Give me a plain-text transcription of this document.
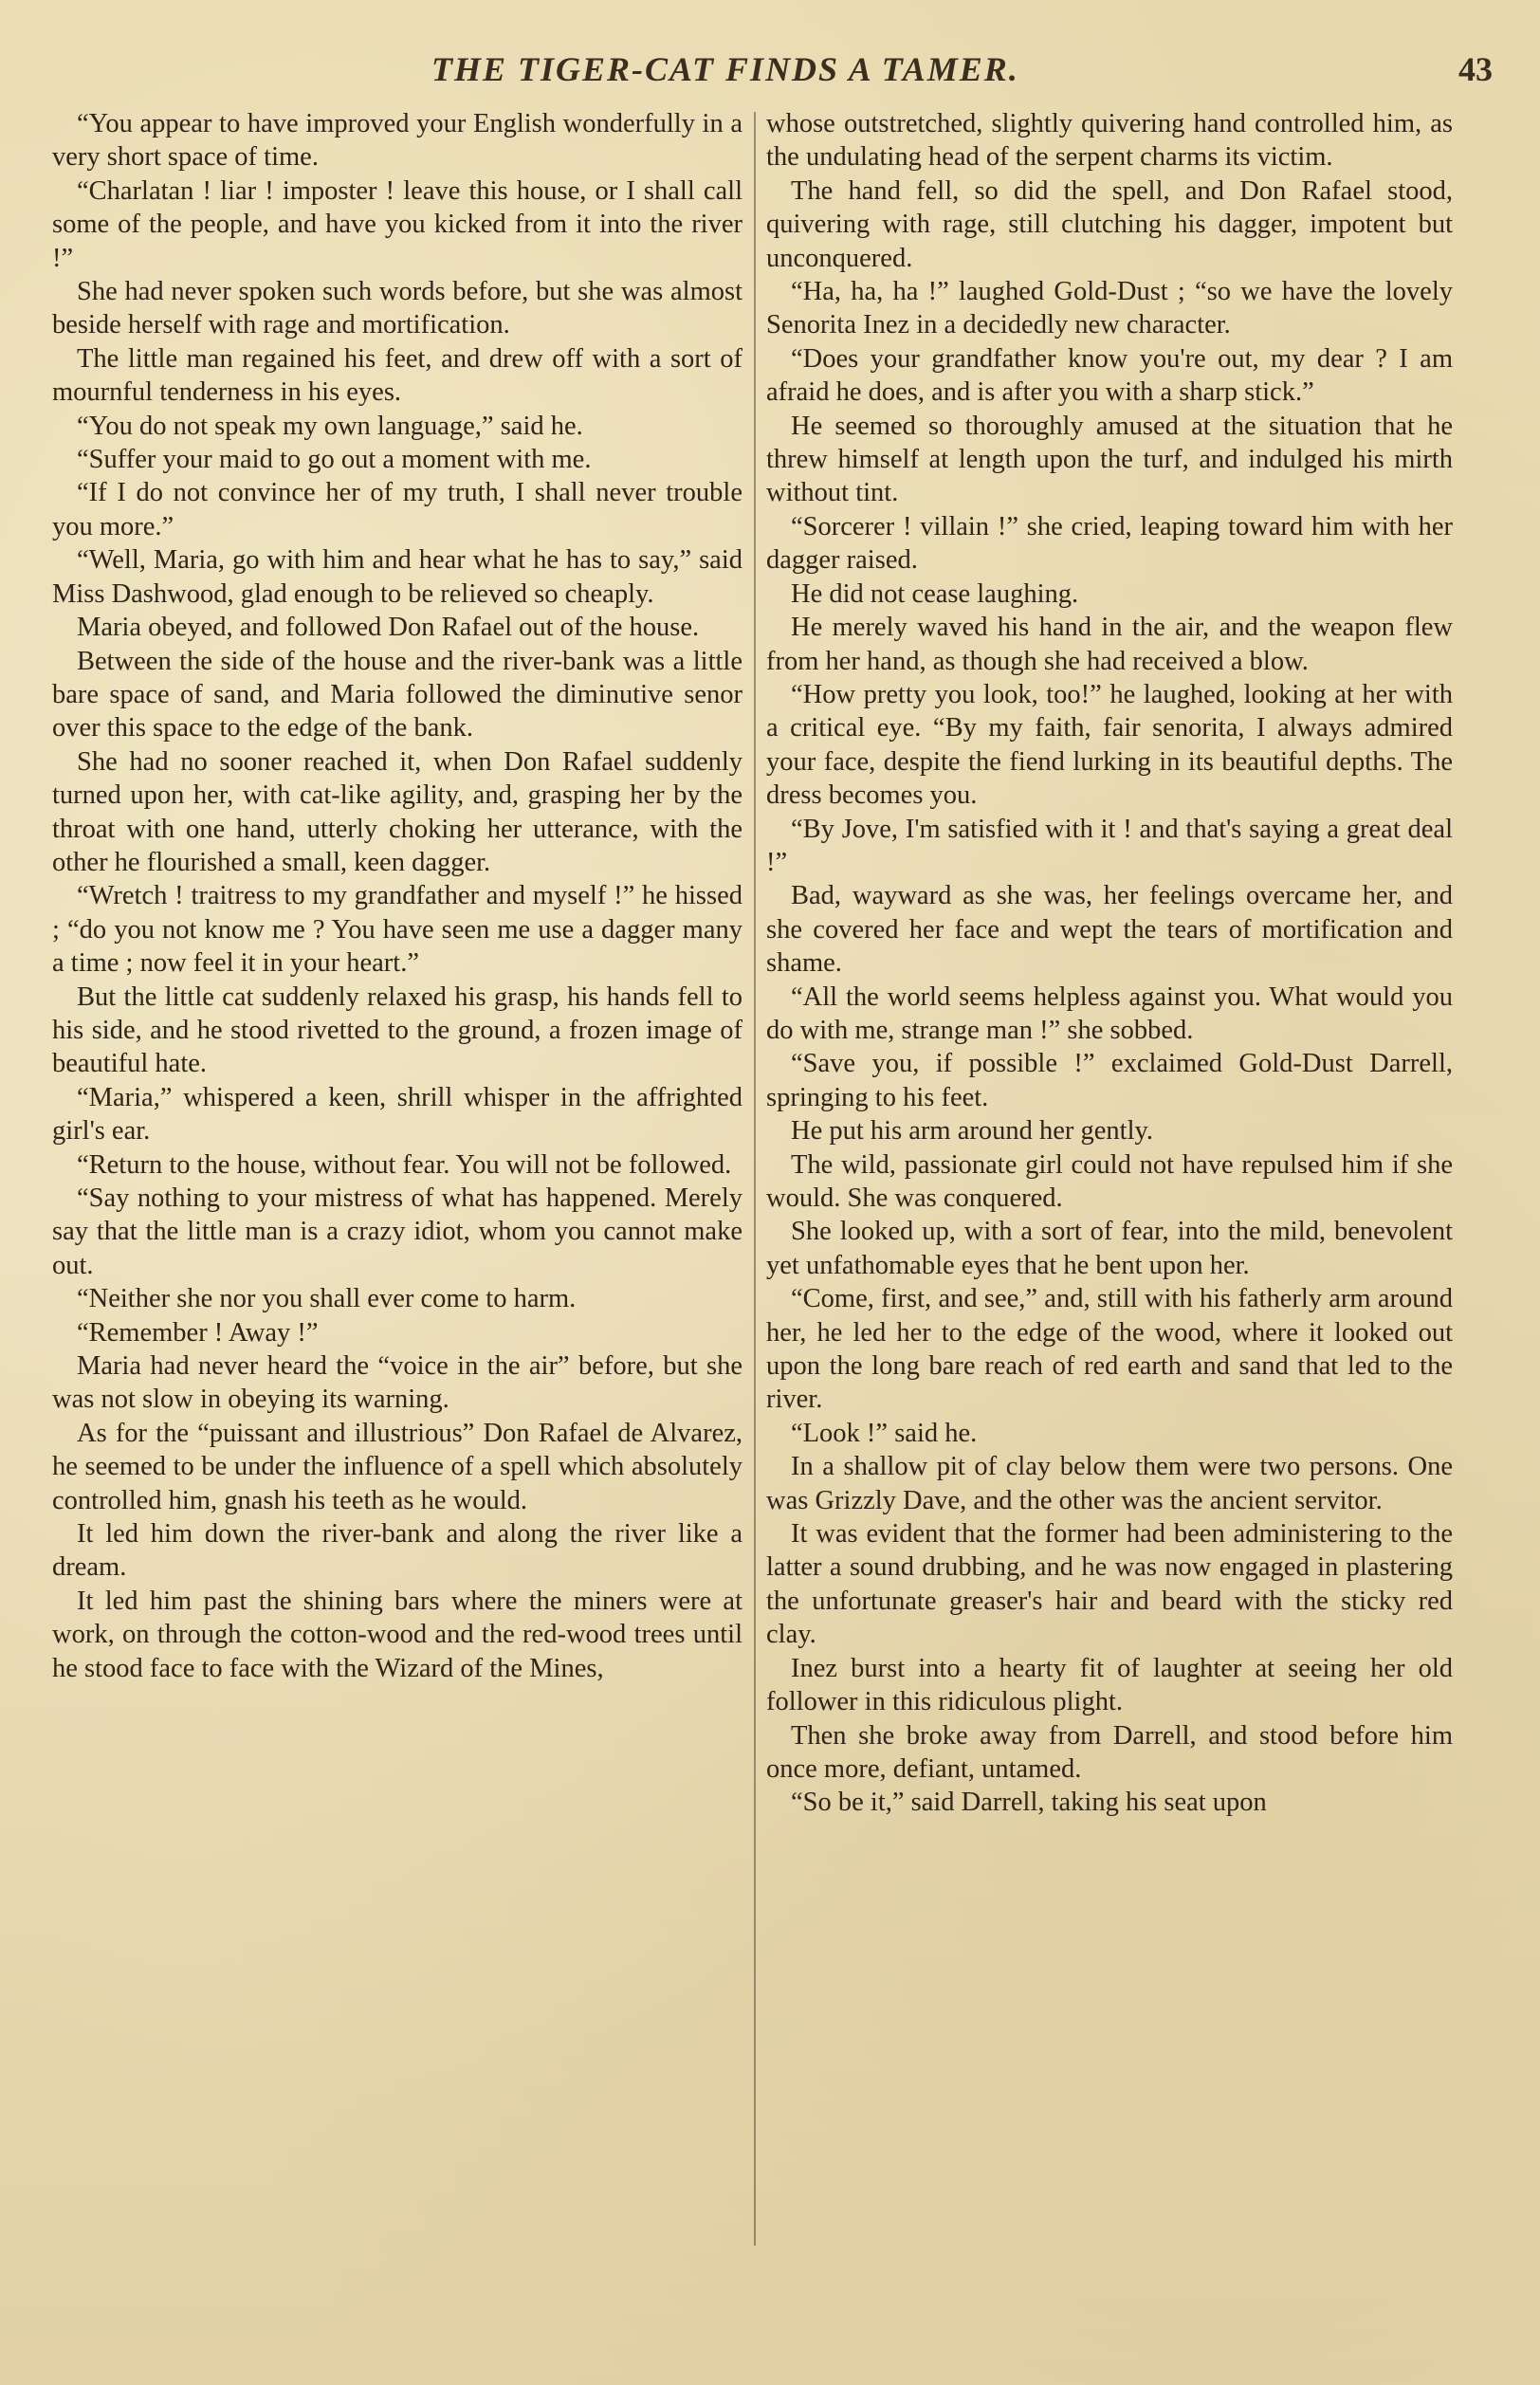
THE TIGER-CAT FINDS A TAMER.	43

“You appear to have improved your English wonderfully in a very short space of time.

“Charlatan ! liar ! imposter ! leave this house, or I shall call some of the people, and have you kicked from it into the river !”

She had never spoken such words before, but she was almost beside herself with rage and mortification.

The little man regained his feet, and drew off with a sort of mournful tenderness in his eyes.

“You do not speak my own language,” said he.

“Suffer your maid to go out a moment with me.

“If I do not convince her of my truth, I shall never trouble you more.”

“Well, Maria, go with him and hear what he has to say,” said Miss Dashwood, glad enough to be relieved so cheaply.

Maria obeyed, and followed Don Rafael out of the house.

Between the side of the house and the river-bank was a little bare space of sand, and Maria followed the diminutive senor over this space to the edge of the bank.

She had no sooner reached it, when Don Rafael suddenly turned upon her, with cat-like agility, and, grasping her by the throat with one hand, utterly choking her utterance, with the other he flourished a small, keen dagger.

“Wretch ! traitress to my grandfather and myself !” he hissed ; “do you not know me ? You have seen me use a dagger many a time ; now feel it in your heart.”

But the little cat suddenly relaxed his grasp, his hands fell to his side, and he stood rivetted to the ground, a frozen image of beautiful hate.

“Maria,” whispered a keen, shrill whisper in the affrighted girl's ear.

“Return to the house, without fear. You will not be followed.

“Say nothing to your mistress of what has happened. Merely say that the little man is a crazy idiot, whom you cannot make out.

“Neither she nor you shall ever come to harm.

“Remember ! Away !”

Maria had never heard the “voice in the air” before, but she was not slow in obeying its warning.

As for the “puissant and illustrious” Don Rafael de Alvarez, he seemed to be under the influence of a spell which absolutely controlled him, gnash his teeth as he would.

It led him down the river-bank and along the river like a dream.

It led him past the shining bars where the miners were at work, on through the cotton-wood and the red-wood trees until he stood face to face with the Wizard of the Mines,

whose outstretched, slightly quivering hand controlled him, as the undulating head of the serpent charms its victim.

The hand fell, so did the spell, and Don Rafael stood, quivering with rage, still clutching his dagger, impotent but unconquered.

“Ha, ha, ha !” laughed Gold-Dust ; “so we have the lovely Senorita Inez in a decidedly new character.

“Does your grandfather know you're out, my dear ? I am afraid he does, and is after you with a sharp stick.”

He seemed so thoroughly amused at the situation that he threw himself at length upon the turf, and indulged his mirth without tint.

“Sorcerer ! villain !” she cried, leaping toward him with her dagger raised.

He did not cease laughing.

He merely waved his hand in the air, and the weapon flew from her hand, as though she had received a blow.

“How pretty you look, too!” he laughed, looking at her with a critical eye. “By my faith, fair senorita, I always admired your face, despite the fiend lurking in its beautiful depths. The dress becomes you.

“By Jove, I'm satisfied with it ! and that's saying a great deal !”

Bad, wayward as she was, her feelings overcame her, and she covered her face and wept the tears of mortification and shame.

“All the world seems helpless against you. What would you do with me, strange man !” she sobbed.

“Save you, if possible !” exclaimed Gold-Dust Darrell, springing to his feet.

He put his arm around her gently.

The wild, passionate girl could not have repulsed him if she would. She was conquered.

She looked up, with a sort of fear, into the mild, benevolent yet unfathomable eyes that he bent upon her.

“Come, first, and see,” and, still with his fatherly arm around her, he led her to the edge of the wood, where it looked out upon the long bare reach of red earth and sand that led to the river.

“Look !” said he.

In a shallow pit of clay below them were two persons. One was Grizzly Dave, and the other was the ancient servitor.

It was evident that the former had been administering to the latter a sound drubbing, and he was now engaged in plastering the unfortunate greaser's hair and beard with the sticky red clay.

Inez burst into a hearty fit of laughter at seeing her old follower in this ridiculous plight.

Then she broke away from Darrell, and stood before him once more, defiant, untamed.

“So be it,” said Darrell, taking his seat upon
